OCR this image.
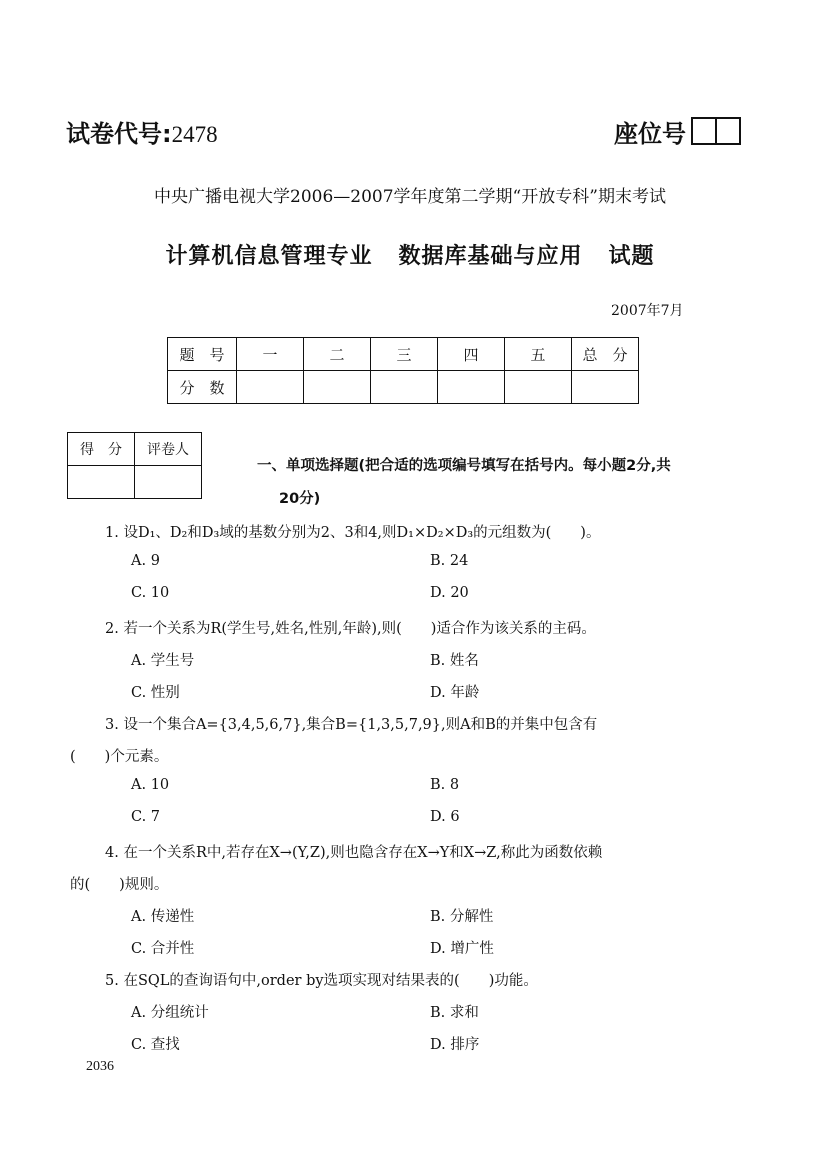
试卷代号:2478	座位号
中央广播电视大学2006—2007学年度第二学期“开放专科”期末考试
计算机信息管理专业   数据库基础与应用   试题
2007年7月
题　号	一	二	三	四	五	总　分
分　数						
得　分	评卷人

一、单项选择题(把合适的选项编号填写在括号内。每小题2分,共
20分)
1. 设D₁、D₂和D₃域的基数分别为2、3和4,则D₁×D₂×D₃的元组数为(　　)。
A. 9	B. 24
C. 10	D. 20
2. 若一个关系为R(学生号,姓名,性别,年龄),则(　　)适合作为该关系的主码。
A. 学生号	B. 姓名
C. 性别	D. 年龄
3. 设一个集合A={3,4,5,6,7},集合B={1,3,5,7,9},则A和B的并集中包含有
(　　)个元素。
A. 10	B. 8
C. 7	D. 6
4. 在一个关系R中,若存在X→(Y,Z),则也隐含存在X→Y和X→Z,称此为函数依赖
的(　　)规则。
A. 传递性	B. 分解性
C. 合并性	D. 增广性
5. 在SQL的查询语句中,order by选项实现对结果表的(　　)功能。
A. 分组统计	B. 求和
C. 查找	D. 排序
2036
